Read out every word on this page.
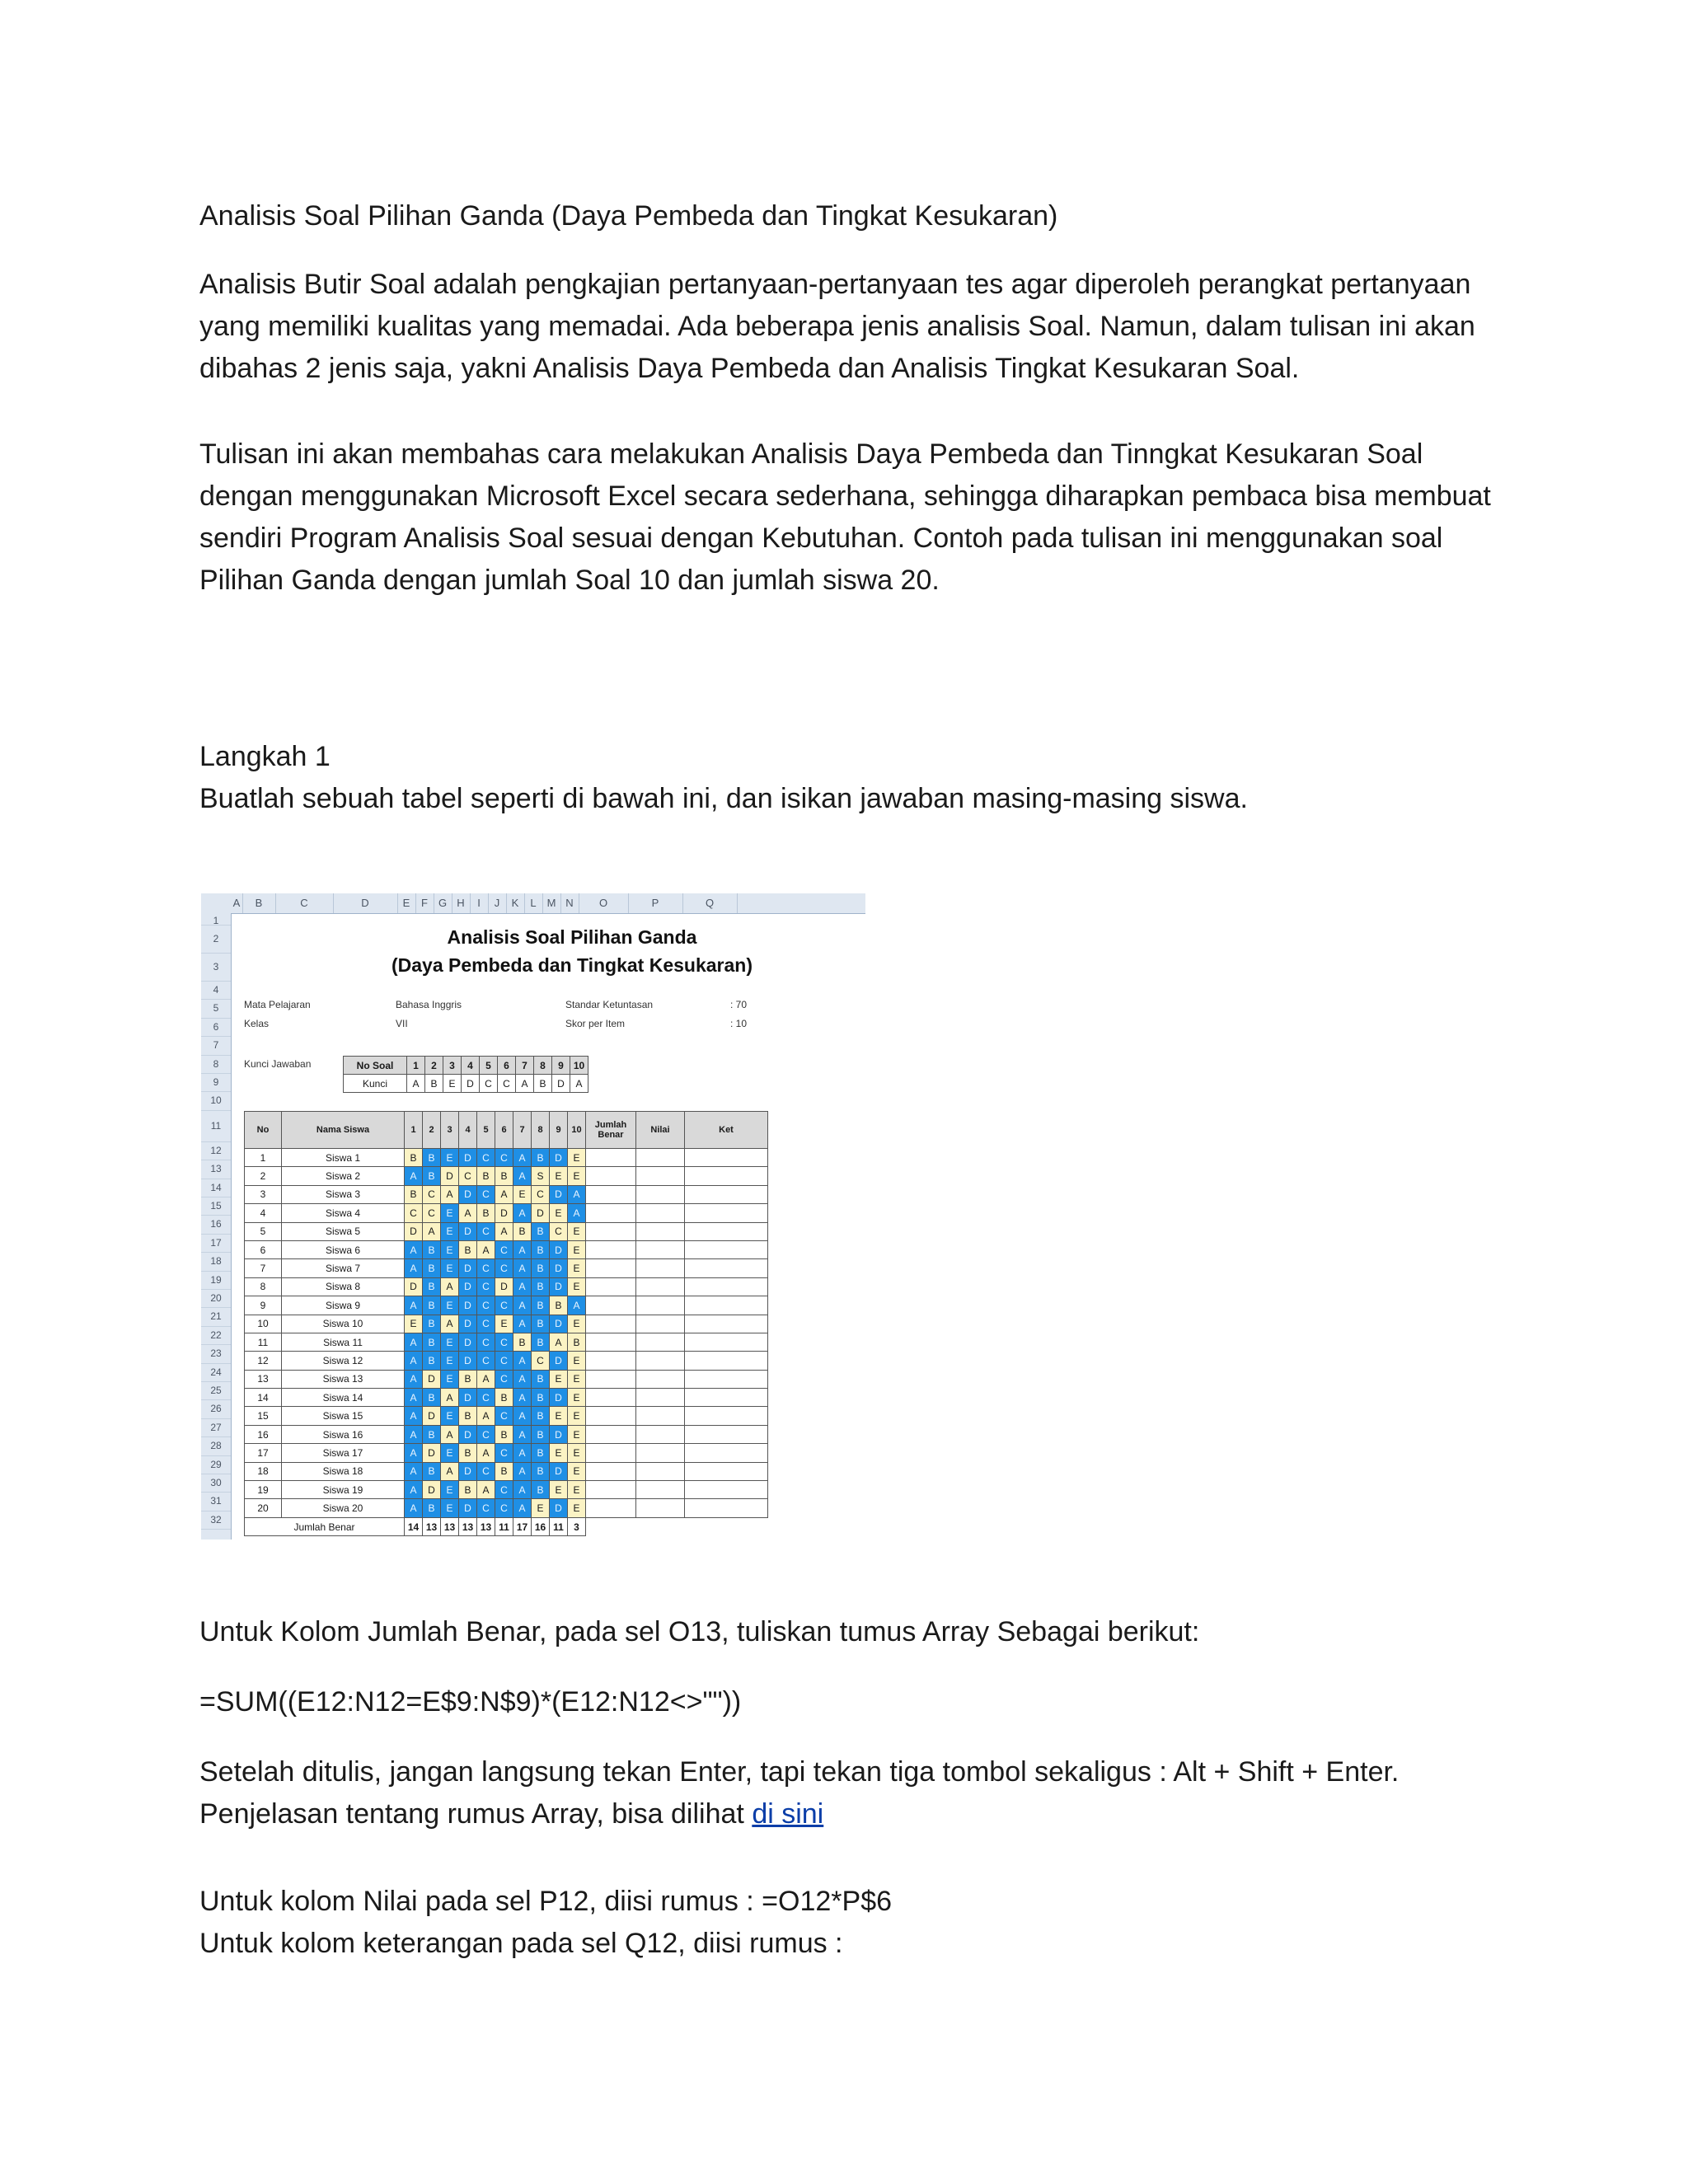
Analisis Soal Pilihan Ganda (Daya Pembeda dan Tingkat Kesukaran)

Analisis Butir Soal adalah pengkajian pertanyaan-pertanyaan tes agar diperoleh perangkat pertanyaan yang memiliki kualitas yang memadai. Ada beberapa jenis analisis Soal. Namun, dalam tulisan ini akan dibahas 2 jenis saja, yakni Analisis Daya Pembeda dan Analisis Tingkat Kesukaran Soal.

Tulisan ini akan membahas cara melakukan Analisis Daya Pembeda dan Tinngkat Kesukaran Soal dengan menggunakan Microsoft Excel secara sederhana, sehingga diharapkan pembaca bisa membuat sendiri Program Analisis Soal sesuai dengan Kebutuhan. Contoh pada tulisan ini menggunakan soal Pilihan Ganda dengan jumlah Soal 10 dan jumlah siswa 20.

Langkah 1
Buatlah sebuah tabel seperti di bawah ini, dan isikan jawaban masing-masing siswa.

A	B	C	D	E	F G H	I	J	K	L M N	O	P	Q
1
2
3
4
5
6
7
8
9
10
11
12
13
14
15
16
17
18
19
20
21
22
23
24
25
26
27
28
29
30
31
32
Analisis Soal Pilihan Ganda
(Daya Pembeda dan Tingkat Kesukaran)
Mata Pelajaran	Bahasa Inggris
Kelas	VII
Standar Ketuntasan	: 70
Skor per Item	: 10
Kunci Jawaban	No Soal	1	2	3	4	5	6	7	8	9	10
Kunci	A	B	E	D	C	C	A	B	D	A
No	Nama Siswa	1	2	3	4	5	6	7	8	9	10	Jumlah Benar	Nilai	Ket
1	Siswa 1	B	B	E	D	C	C	A	B	D	E			
2	Siswa 2	A	B	D	C	B	B	A	S	E	E			
3	Siswa 3	B	C	A	D	C	A	E	C	D	A			
4	Siswa 4	C	C	E	A	B	D	A	D	E	A			
5	Siswa 5	D	A	E	D	C	A	B	B	C	E			
6	Siswa 6	A	B	E	B	A	C	A	B	D	E			
7	Siswa 7	A	B	E	D	C	C	A	B	D	E			
8	Siswa 8	D	B	A	D	C	D	A	B	D	E			
9	Siswa 9	A	B	E	D	C	C	A	B	B	A			
10	Siswa 10	E	B	A	D	C	E	A	B	D	E			
11	Siswa 11	A	B	E	D	C	C	B	B	A	B			
12	Siswa 12	A	B	E	D	C	C	A	C	D	E			
13	Siswa 13	A	D	E	B	A	C	A	B	E	E			
14	Siswa 14	A	B	A	D	C	B	A	B	D	E			
15	Siswa 15	A	D	E	B	A	C	A	B	E	E			
16	Siswa 16	A	B	A	D	C	B	A	B	D	E			
17	Siswa 17	A	D	E	B	A	C	A	B	E	E			
18	Siswa 18	A	B	A	D	C	B	A	B	D	E			
19	Siswa 19	A	D	E	B	A	C	A	B	E	E			
20	Siswa 20	A	B	E	D	C	C	A	E	D	E			
Jumlah Benar		14	13	13	13	13	11	17	16	11	3			

Untuk Kolom Jumlah Benar, pada sel O13, tuliskan tumus Array Sebagai berikut:

=SUM((E12:N12=E$9:N$9)*(E12:N12<>""))

Setelah ditulis, jangan langsung tekan Enter, tapi tekan tiga tombol sekaligus : Alt + Shift + Enter.
Penjelasan tentang rumus Array, bisa dilihat di sini

Untuk kolom Nilai pada sel P12, diisi rumus : =O12*P$6
Untuk kolom keterangan pada sel Q12, diisi rumus :
